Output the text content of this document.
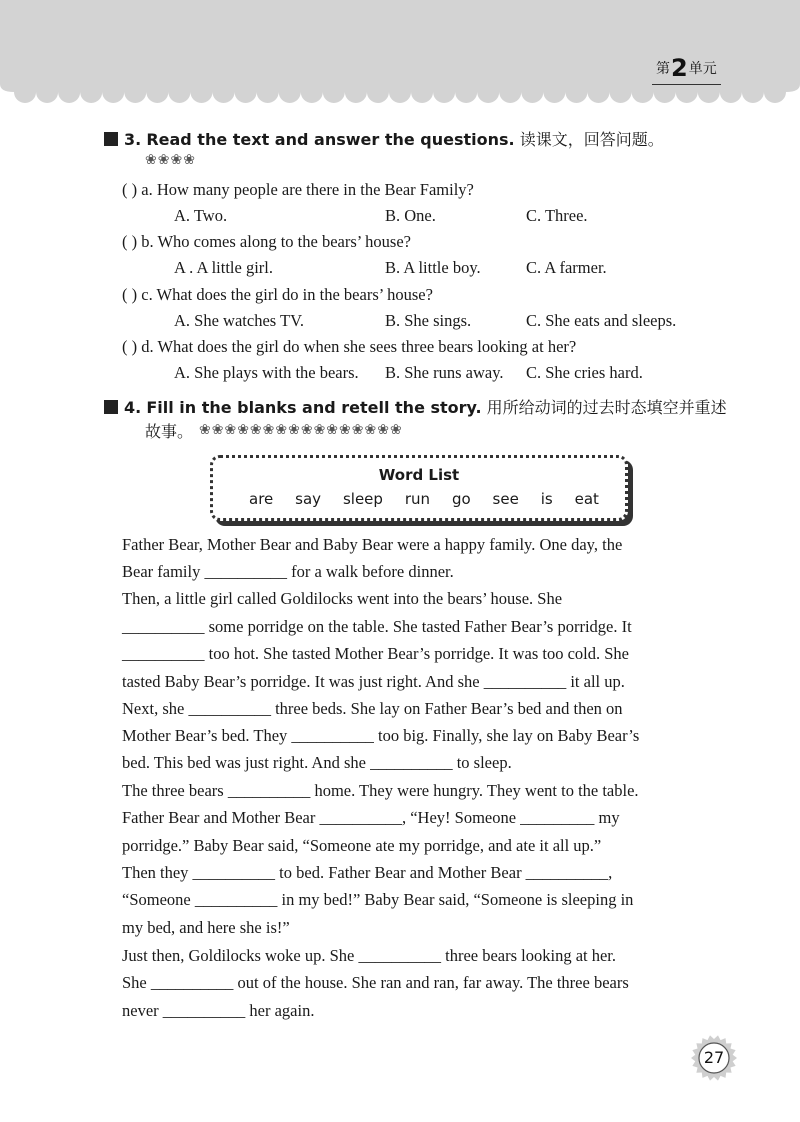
第2单元
3. Read the text and answer the questions. 读课文，回答问题。
❀❀❀❀
( ) a. How many people are there in the Bear Family?
A. Two.	B. One.	C. Three.
( ) b. Who comes along to the bears’ house?
A . A little girl.	B. A little boy.	C. A farmer.
( ) c. What does the girl do in the bears’ house?
A. She watches TV.	B. She sings.	C. She eats and sleeps.
( ) d. What does the girl do when she sees three bears looking at her?
A. She plays with the bears. B. She runs away. C. She cries hard.
4. Fill in the blanks and retell the story. 用所给动词的过去时态填空并重述
故事。 ❀❀❀❀❀❀❀❀❀❀❀❀❀❀❀❀
Word List
are say sleep run go see is eat
Father Bear, Mother Bear and Baby Bear were a happy family. One day, the
Bear family __________ for a walk before dinner.
Then, a little girl called Goldilocks went into the bears’ house. She
__________ some porridge on the table. She tasted Father Bear’s porridge. It
__________ too hot. She tasted Mother Bear’s porridge. It was too cold. She
tasted Baby Bear’s porridge. It was just right. And she __________ it all up.
Next, she __________ three beds. She lay on Father Bear’s bed and then on
Mother Bear’s bed. They __________ too big. Finally, she lay on Baby Bear’s
bed. This bed was just right. And she __________ to sleep.
The three bears __________ home. They were hungry. They went to the table.
Father Bear and Mother Bear __________, “Hey! Someone _________ my
porridge.” Baby Bear said, “Someone ate my porridge, and ate it all up.”
Then they __________ to bed. Father Bear and Mother Bear __________,
“Someone __________ in my bed!” Baby Bear said, “Someone is sleeping in
my bed, and here she is!”
Just then, Goldilocks woke up. She __________ three bears looking at her.
She __________ out of the house. She ran and ran, far away. The three bears
never __________ her again.
27
